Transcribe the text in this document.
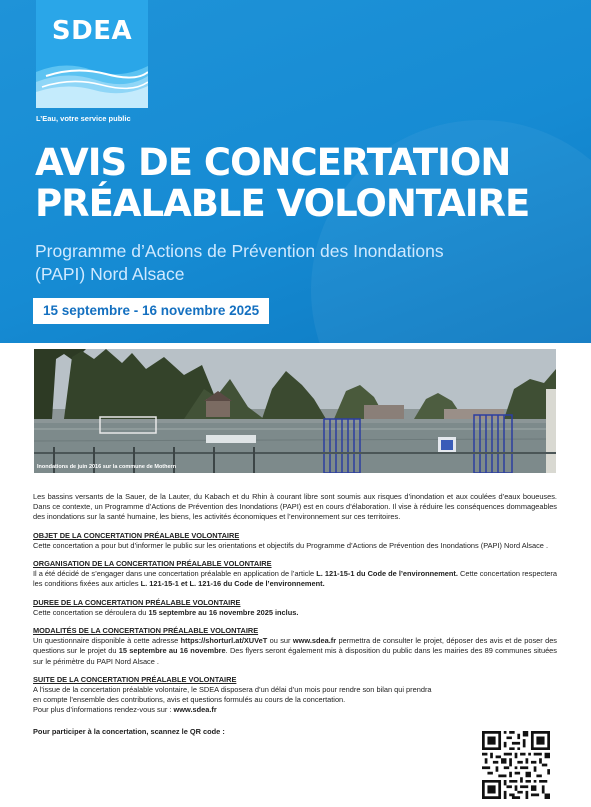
SDEA
L’Eau, votre service public
AVIS DE CONCERTATION
PRÉALABLE VOLONTAIRE
Programme d’Actions de Prévention des Inondations
(PAPI) Nord Alsace
15 septembre - 16 novembre 2025
Inondations de juin 2016 sur la commune de Mothern

Les bassins versants de la Sauer, de la Lauter, du Kabach et du Rhin à courant libre sont soumis aux risques d’inondation et aux coulées d’eaux boueuses. Dans ce contexte, un Programme d’Actions de Prévention des Inondations (PAPI) est en cours d’élaboration. Il vise à réduire les conséquences dommageables des inondations sur la santé humaine, les biens, les activités économiques et l’environnement sur ces territoires.

OBJET DE LA CONCERTATION PRÉALABLE VOLONTAIRE

Cette concertation a pour but d’informer le public sur les orientations et objectifs du Programme d’Actions de Prévention des Inondations (PAPI) Nord Alsace .

ORGANISATION DE LA CONCERTATION PRÉALABLE VOLONTAIRE

Il a été décidé de s’engager dans une concertation préalable en application de l’article L. 121-15-1 du Code de l’environnement. Cette concertation respectera les conditions fixées aux articles L. 121-15-1 et L. 121-16 du Code de l’environnement.

DUREE DE LA CONCERTATION PRÉALABLE VOLONTAIRE

Cette concertation se déroulera du 15 septembre au 16 novembre 2025 inclus.

MODALITÉS DE LA CONCERTATION PRÉALABLE VOLONTAIRE

Un questionnaire disponible à cette adresse https://shorturl.at/XUVeT ou sur www.sdea.fr permettra de consulter le projet, déposer des avis et de poser des questions sur le projet du 15 septembre au 16 novembre. Des flyers seront également mis à disposition du public dans les mairies des 89 communes situées sur le périmètre du PAPI Nord Alsace .

SUITE DE LA CONCERTATION PRÉALABLE VOLONTAIRE
A l’issue de la concertation préalable volontaire, le SDEA disposera d’un délai d’un mois pour rendre son bilan qui prendra
en compte l’ensemble des contributions, avis et questions formulés au cours de la concertation.
Pour plus d’informations rendez-vous sur : www.sdea.fr
Pour participer à la concertation, scannez le QR code :
